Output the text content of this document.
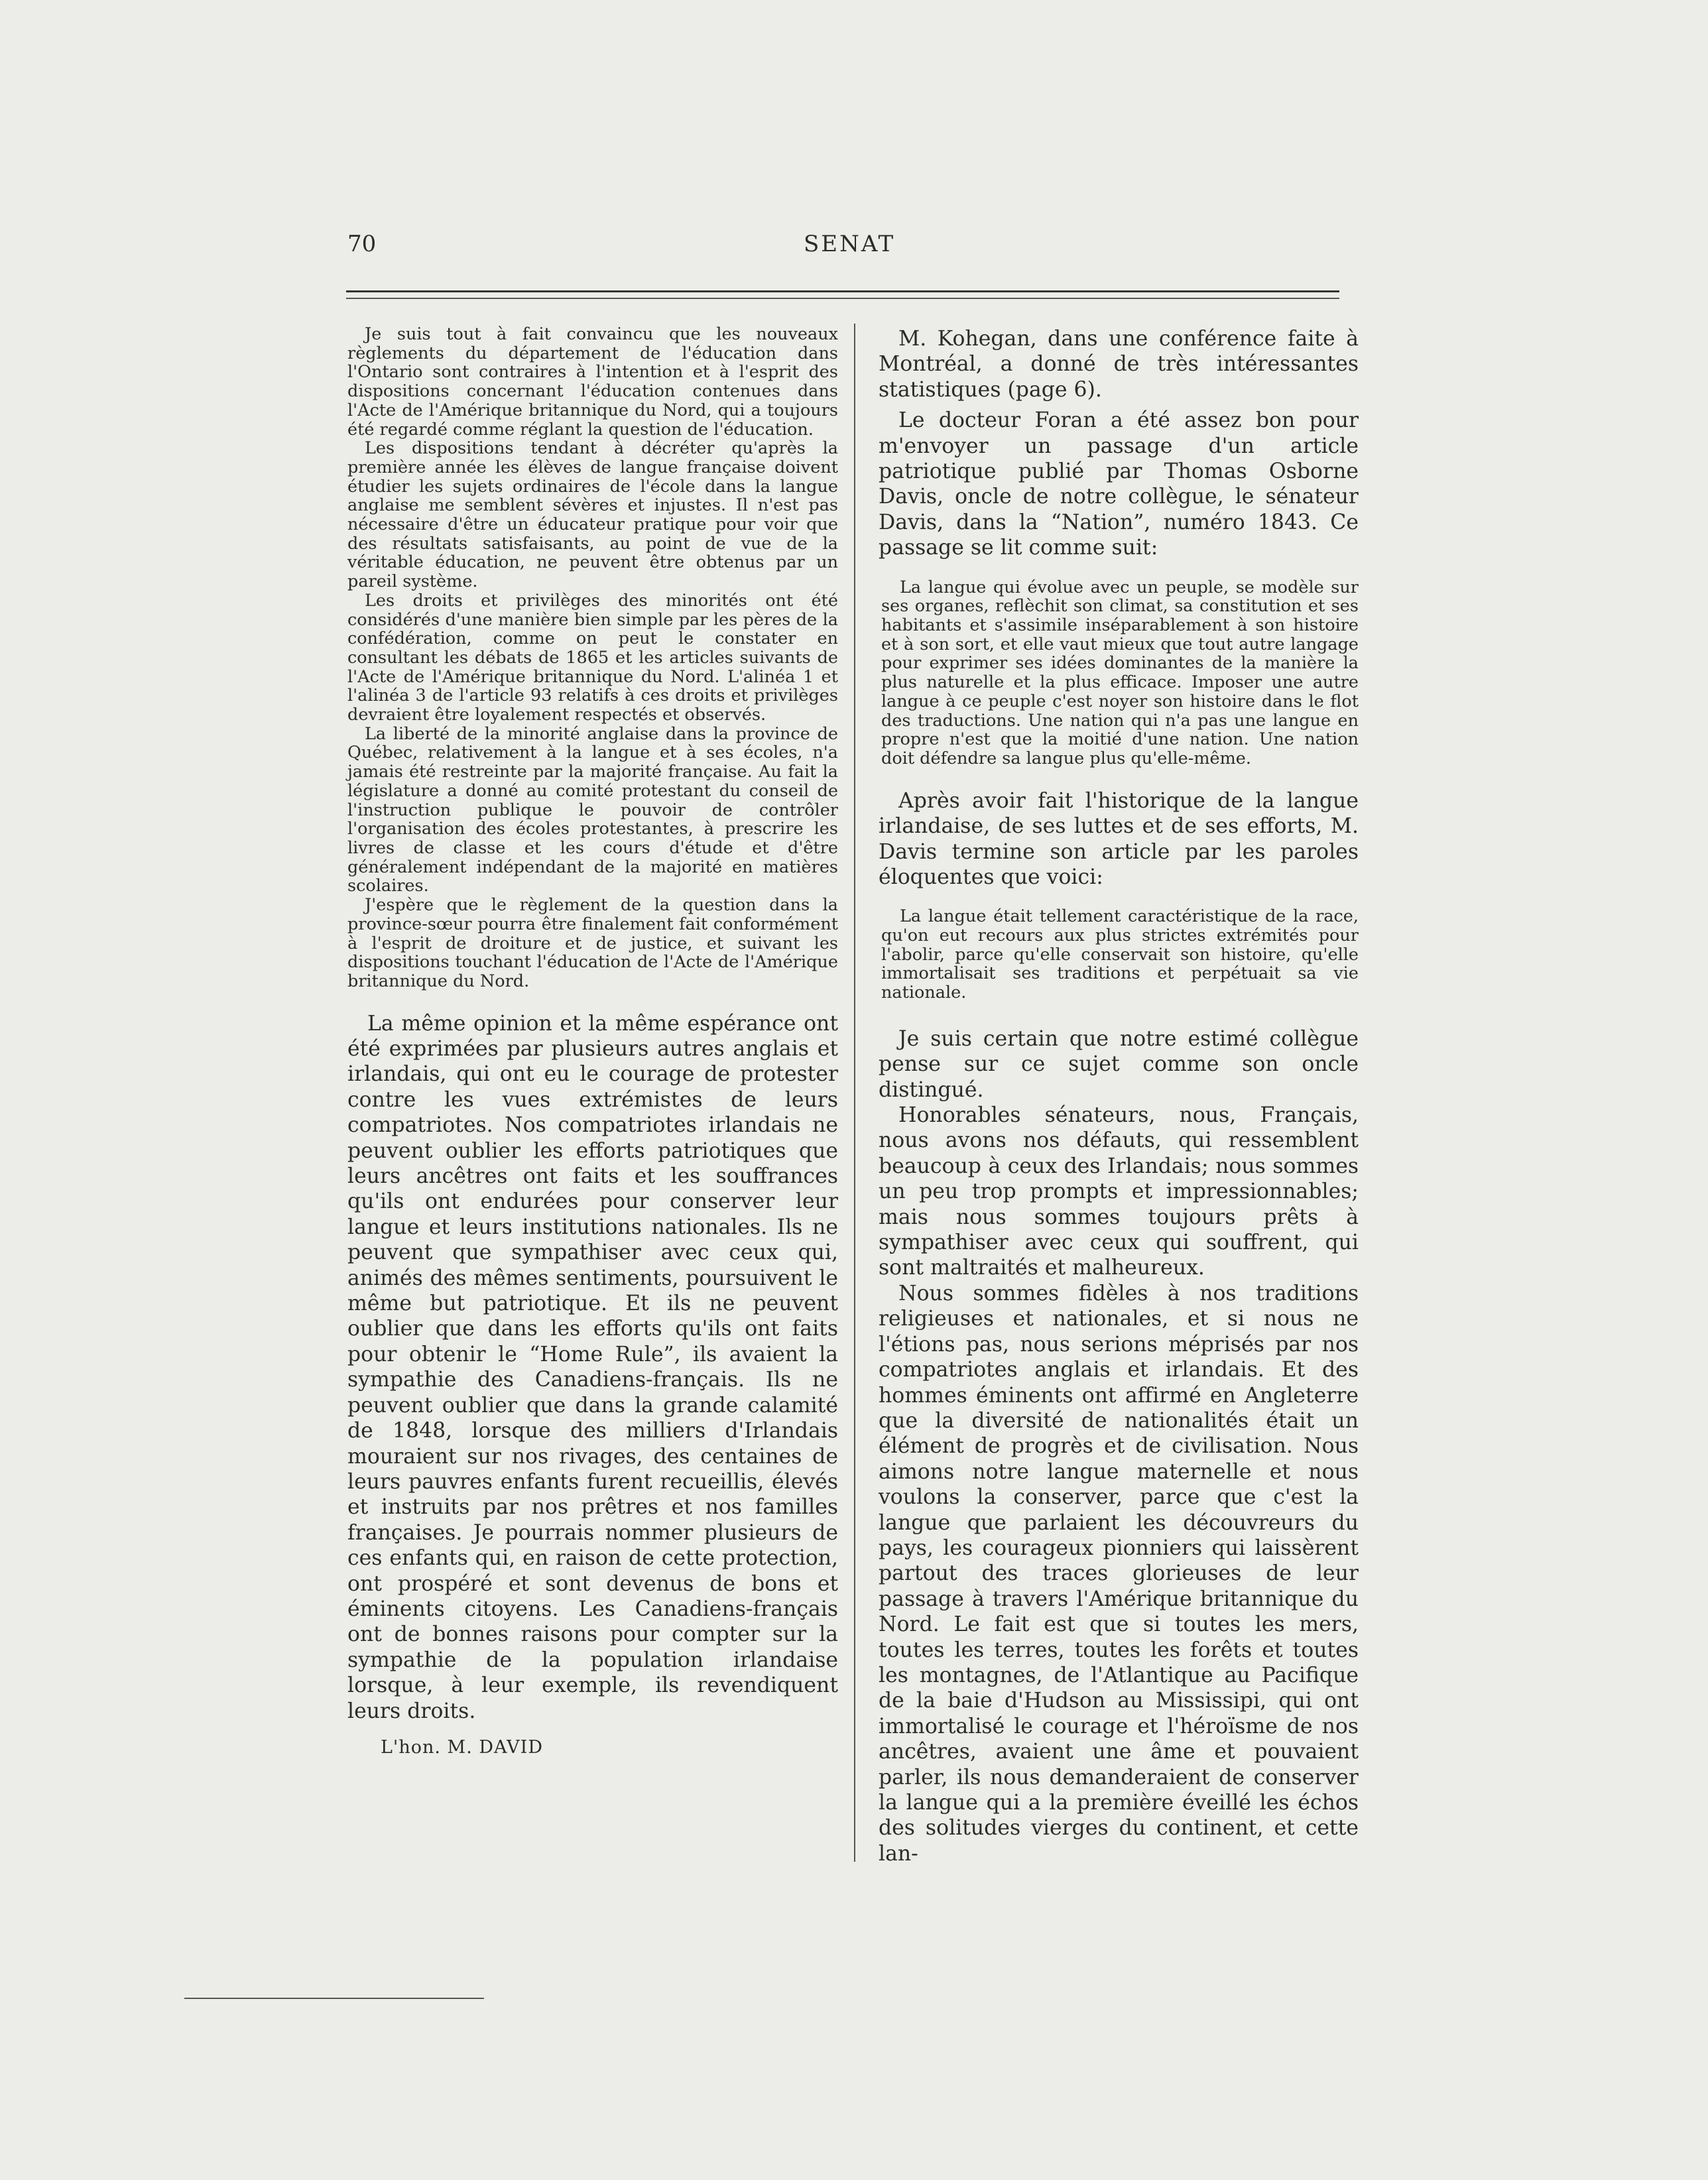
70	SENAT

Je suis tout à fait convaincu que les nouveaux règlements du département de l'éducation dans l'Ontario sont contraires à l'intention et à l'esprit des dispositions concernant l'éducation contenues dans l'Acte de l'Amérique britannique du Nord, qui a toujours été regardé comme réglant la question de l'éducation.

Les dispositions tendant à décréter qu'après la première année les élèves de langue française doivent étudier les sujets ordinaires de l'école dans la langue anglaise me semblent sévères et injustes. Il n'est pas nécessaire d'être un éducateur pratique pour voir que des résultats satisfaisants, au point de vue de la véritable éducation, ne peuvent être obtenus par un pareil système.

Les droits et privilèges des minorités ont été considérés d'une manière bien simple par les pères de la confédération, comme on peut le constater en consultant les débats de 1865 et les articles suivants de l'Acte de l'Amérique britannique du Nord. L'alinéa 1 et l'alinéa 3 de l'article 93 relatifs à ces droits et privilèges devraient être loyalement respectés et observés.

La liberté de la minorité anglaise dans la province de Québec, relativement à la langue et à ses écoles, n'a jamais été restreinte par la majorité française. Au fait la législature a donné au comité protestant du conseil de l'instruction publique le pouvoir de contrôler l'organisation des écoles protestantes, à prescrire les livres de classe et les cours d'étude et d'être généralement indépendant de la majorité en matières scolaires.

J'espère que le règlement de la question dans la province-sœur pourra être finalement fait conformément à l'esprit de droiture et de justice, et suivant les dispositions touchant l'éducation de l'Acte de l'Amérique britannique du Nord.

La même opinion et la même espérance ont été exprimées par plusieurs autres anglais et irlandais, qui ont eu le courage de protester contre les vues extrémistes de leurs compatriotes. Nos compatriotes irlandais ne peuvent oublier les efforts patriotiques que leurs ancêtres ont faits et les souffrances qu'ils ont endurées pour conserver leur langue et leurs institutions nationales. Ils ne peuvent que sympathiser avec ceux qui, animés des mêmes sentiments, poursuivent le même but patriotique. Et ils ne peuvent oublier que dans les efforts qu'ils ont faits pour obtenir le “Home Rule”, ils avaient la sympathie des Canadiens-français. Ils ne peuvent oublier que dans la grande calamité de 1848, lorsque des milliers d'Irlandais mouraient sur nos rivages, des centaines de leurs pauvres enfants furent recueillis, élevés et instruits par nos prêtres et nos familles françaises. Je pourrais nommer plusieurs de ces enfants qui, en raison de cette protection, ont prospéré et sont devenus de bons et éminents citoyens. Les Canadiens-français ont de bonnes raisons pour compter sur la sympathie de la population irlandaise lorsque, à leur exemple, ils revendiquent leurs droits.

L'hon. M. DAVID

M. Kohegan, dans une conférence faite à Montréal, a donné de très intéressantes statistiques (page 6).

Le docteur Foran a été assez bon pour m'envoyer un passage d'un article patriotique publié par Thomas Osborne Davis, oncle de notre collègue, le sénateur Davis, dans la “Nation”, numéro 1843. Ce passage se lit comme suit:

La langue qui évolue avec un peuple, se modèle sur ses organes, reflèchit son climat, sa constitution et ses habitants et s'assimile inséparablement à son histoire et à son sort, et elle vaut mieux que tout autre langage pour exprimer ses idées dominantes de la manière la plus naturelle et la plus efficace. Imposer une autre langue à ce peuple c'est noyer son histoire dans le flot des traductions. Une nation qui n'a pas une langue en propre n'est que la moitié d'une nation. Une nation doit défendre sa langue plus qu'elle-même.

Après avoir fait l'historique de la langue irlandaise, de ses luttes et de ses efforts, M. Davis termine son article par les paroles éloquentes que voici:

La langue était tellement caractéristique de la race, qu'on eut recours aux plus strictes extrémités pour l'abolir, parce qu'elle conservait son histoire, qu'elle immortalisait ses traditions et perpétuait sa vie nationale.

Je suis certain que notre estimé collègue pense sur ce sujet comme son oncle distingué.

Honorables sénateurs, nous, Français, nous avons nos défauts, qui ressemblent beaucoup à ceux des Irlandais; nous sommes un peu trop prompts et impressionnables; mais nous sommes toujours prêts à sympathiser avec ceux qui souffrent, qui sont maltraités et malheureux.

Nous sommes fidèles à nos traditions religieuses et nationales, et si nous ne l'étions pas, nous serions méprisés par nos compatriotes anglais et irlandais. Et des hommes éminents ont affirmé en Angleterre que la diversité de nationalités était un élément de progrès et de civilisation. Nous aimons notre langue maternelle et nous voulons la conserver, parce que c'est la langue que parlaient les découvreurs du pays, les courageux pionniers qui laissèrent partout des traces glorieuses de leur passage à travers l'Amérique britannique du Nord. Le fait est que si toutes les mers, toutes les terres, toutes les forêts et toutes les montagnes, de l'Atlantique au Pacifique de la baie d'Hudson au Mississipi, qui ont immortalisé le courage et l'héroïsme de nos ancêtres, avaient une âme et pouvaient parler, ils nous demanderaient de conserver la langue qui a la première éveillé les échos des solitudes vierges du continent, et cette lan-
